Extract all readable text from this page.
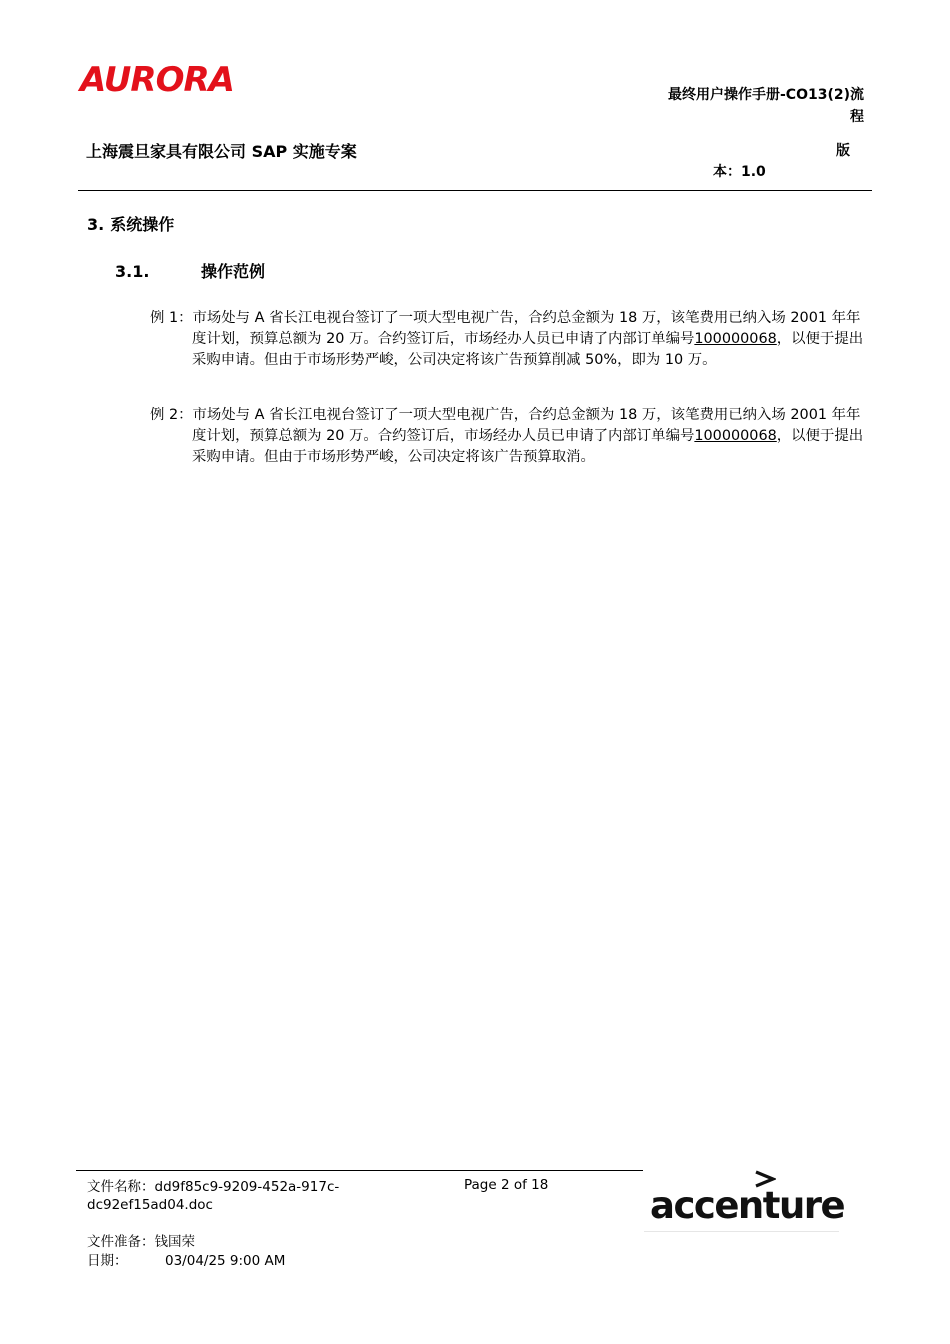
AURORA	最终用户操作手册-CO13(2)流
程
上海震旦家具有限公司 SAP 实施专案	版
本：1.0
3. 系统操作
3.1.	操作范例
例 1：市场处与 A 省长江电视台签订了一项大型电视广告，合约总金额为 18 万，该笔费用已纳入场 2001 年年度计划，预算总额为 20 万。合约签订后，市场经办人员已申请了内部订单编号100000068，以便于提出采购申请。但由于市场形势严峻，公司决定将该广告预算削减 50%，即为 10 万。
例 2：市场处与 A 省长江电视台签订了一项大型电视广告，合约总金额为 18 万，该笔费用已纳入场 2001 年年度计划，预算总额为 20 万。合约签订后，市场经办人员已申请了内部订单编号100000068，以便于提出采购申请。但由于市场形势严峻，公司决定将该广告预算取消。
文件名称：dd9f85c9-9209-452a-917c-dc92ef15ad04.doc
Page 2 of 18
文件准备：钱国荣
日期：	03/04/25 9:00 AM
accenture
